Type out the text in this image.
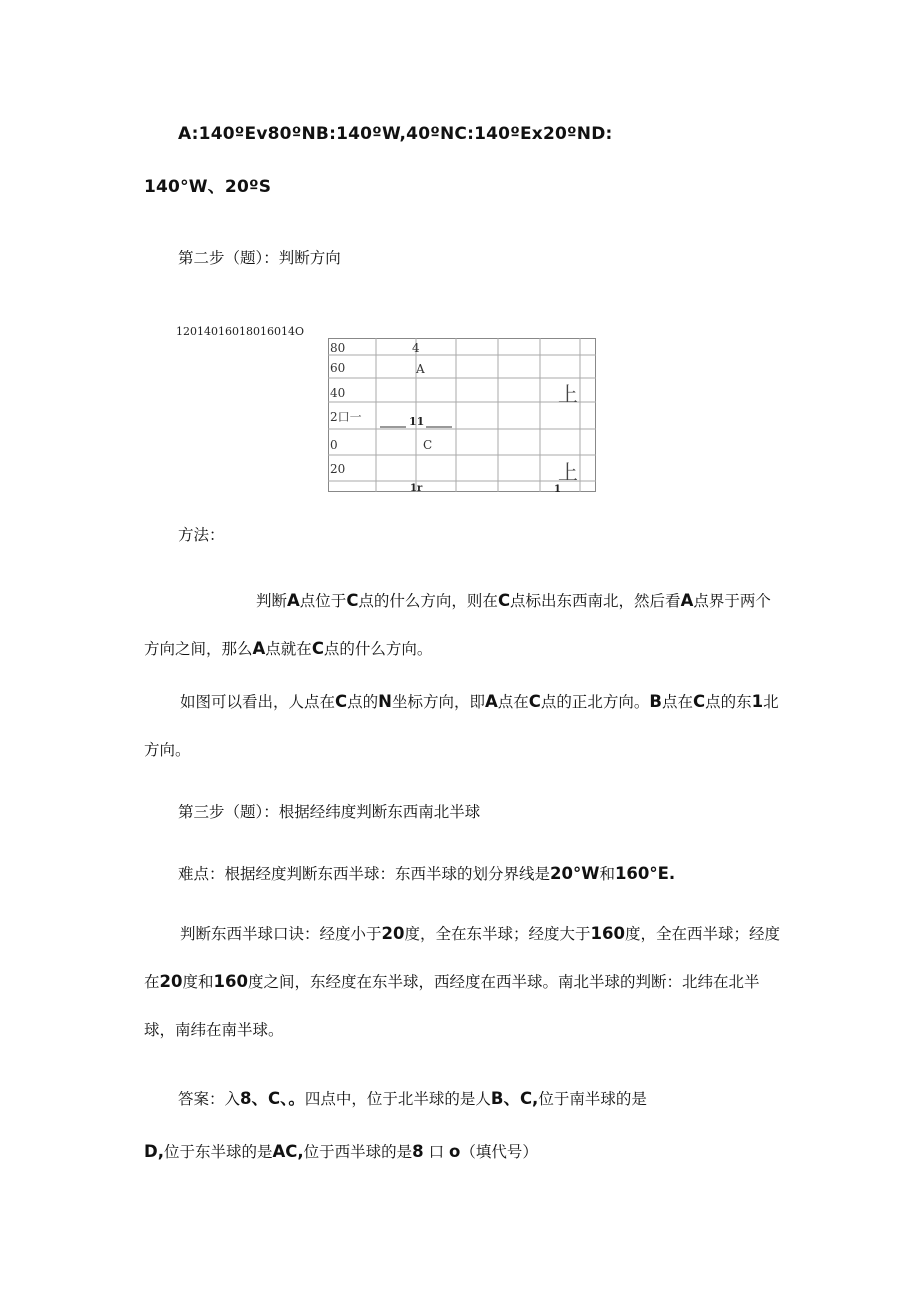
A:140ºEv80ºNB:140ºW,40ºNC:140ºEx20ºND:
140°W、20ºS
第二步（题）：判断方向
12014016018016014O
80
60
40
2口一
0
20
4
A
11
C
上
上
1r	1
方法：
判断A点位于C点的什么方向，则在C点标出东西南北，然后看A点界于两个方向之间，那么A点就在C点的什么方向。
如图可以看出，人点在C点的N坐标方向，即A点在C点的正北方向。B点在C点的东1北方向。
第三步（题）：根据经纬度判断东西南北半球
难点：根据经度判断东西半球：东西半球的划分界线是20°W和160°E.
判断东西半球口诀：经度小于20度，全在东半球；经度大于160度，全在西半球；经度在20度和160度之间，东经度在东半球，西经度在西半球。南北半球的判断：北纬在北半球，南纬在南半球。
答案：入8、C、。四点中，位于北半球的是人B、C,位于南半球的是
D,位于东半球的是AC,位于西半球的是8 口 o（填代号）
